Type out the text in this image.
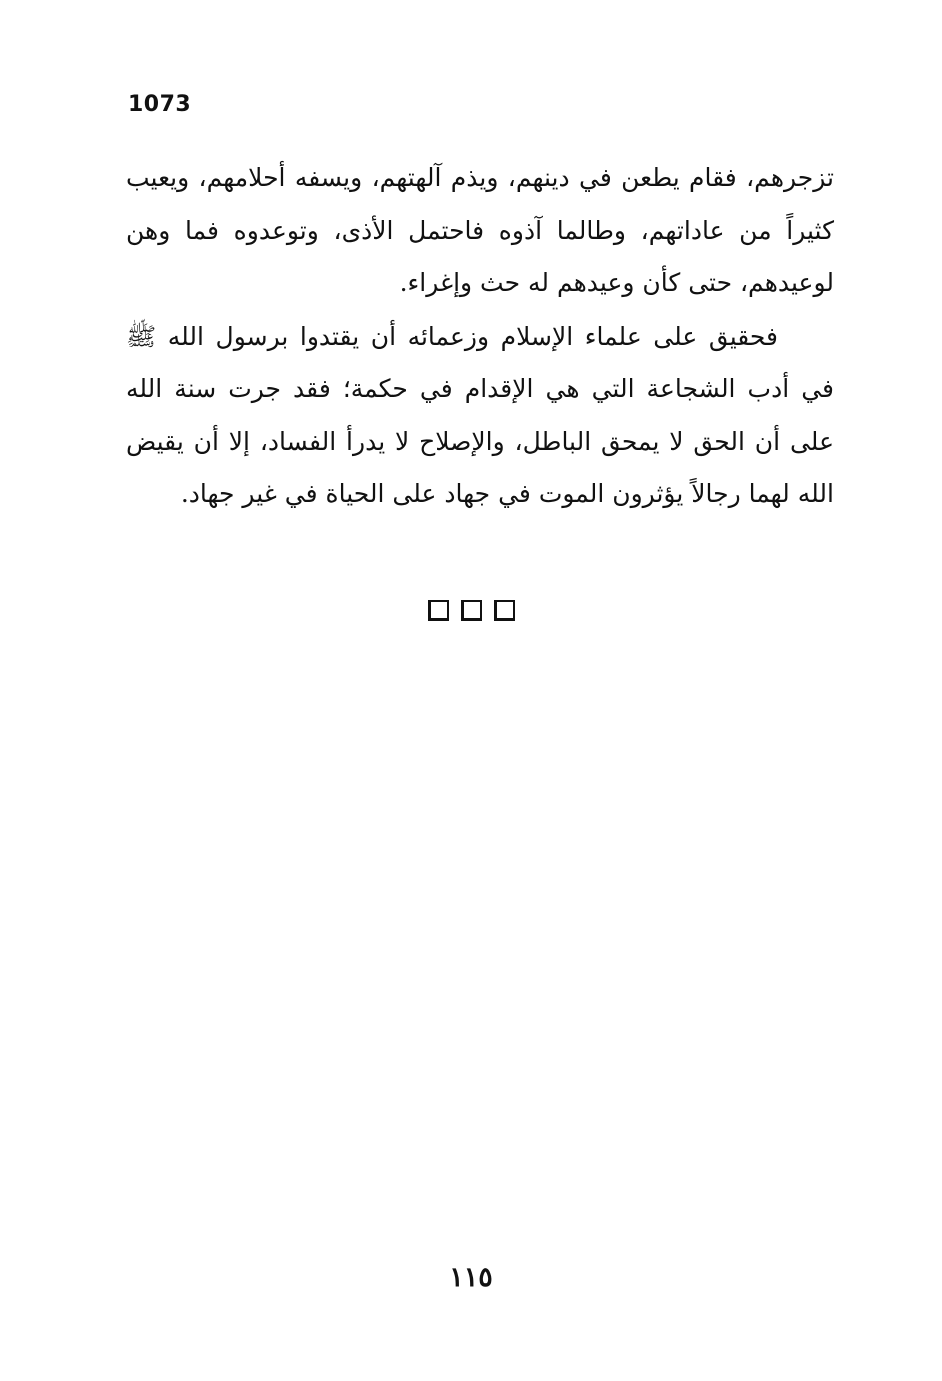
1073

تزجرهم، فقام يطعن في دينهم، ويذم آلهتهم، ويسفه أحلامهم، ويعيب كثيراً من عاداتهم، وطالما آذوه فاحتمل الأذى، وتوعدوه فما وهن لوعيدهم، حتى كأن وعيدهم له حث وإغراء.

فحقيق على علماء الإسلام وزعمائه أن يقتدوا برسول الله ﷺ في أدب الشجاعة التي هي الإقدام في حكمة؛ فقد جرت سنة الله على أن الحق لا يمحق الباطل، والإصلاح لا يدرأ الفساد، إلا أن يقيض الله لهما رجالاً يؤثرون الموت في جهاد على الحياة في غير جهاد.

١١٥
